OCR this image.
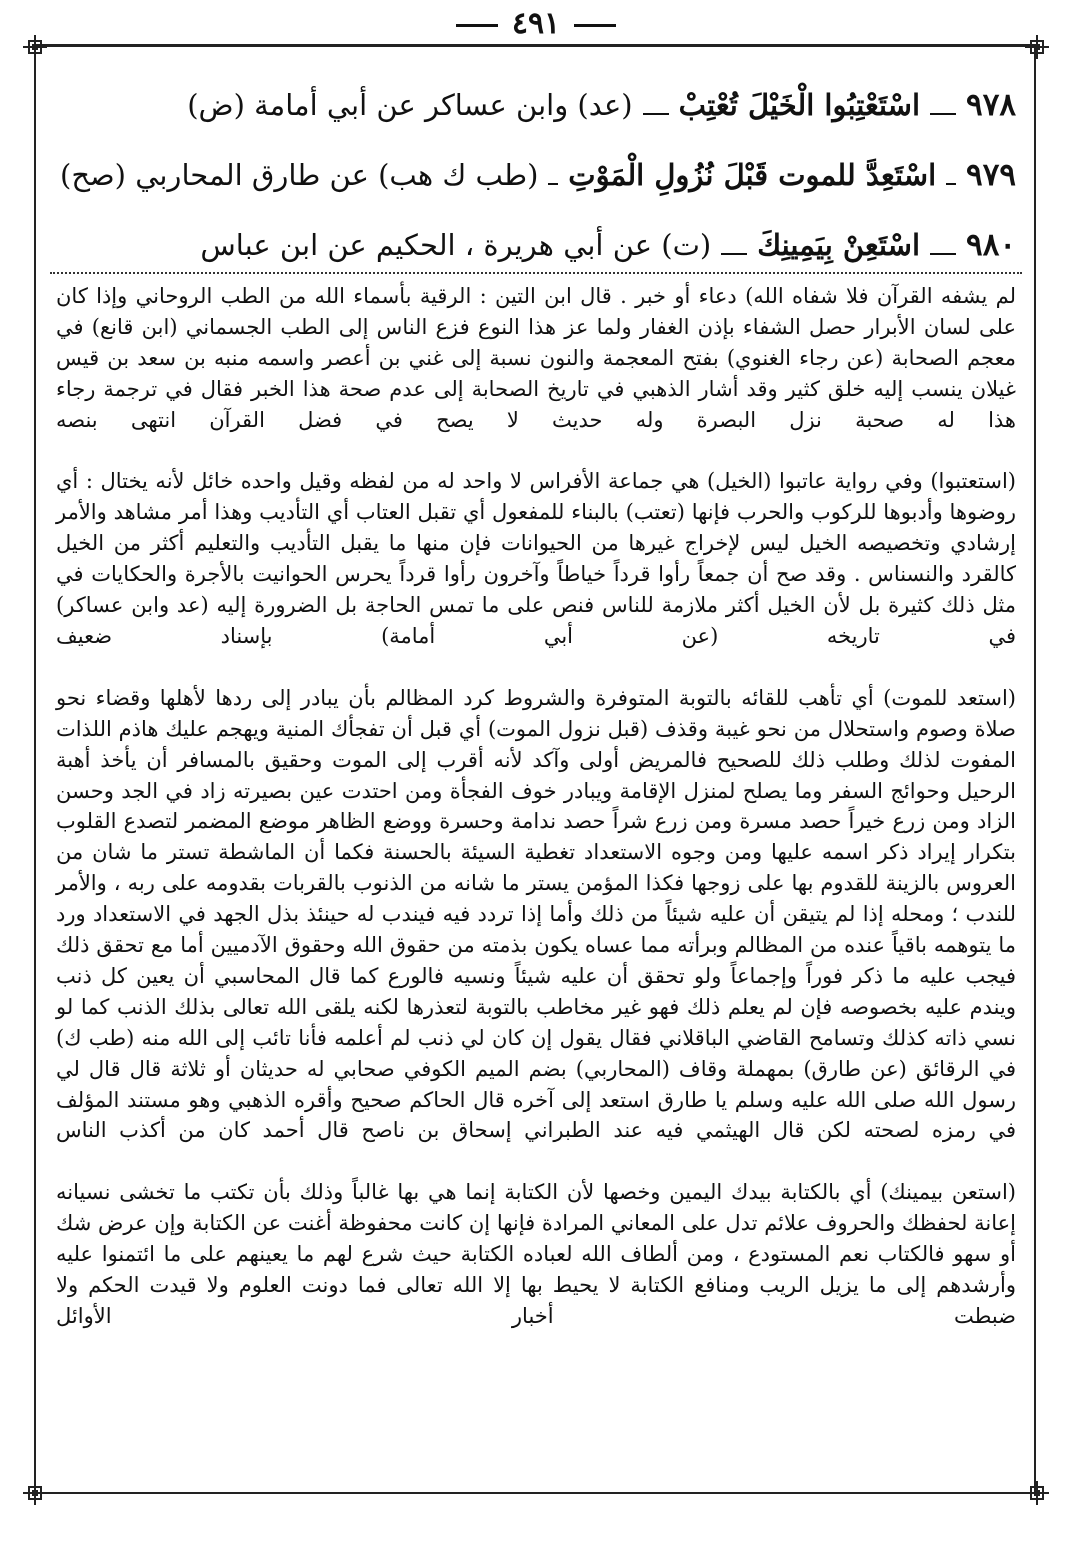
٤٩١
٩٧٨
اسْتَعْتِبُوا الْخَيْلَ تُعْتِبْ
(عد) وابن عساكر عن أبي أمامة (ض)
٩٧٩
اسْتَعِدَّ للموت قَبْلَ نُزُولِ الْمَوْتِ
(طب ك هب) عن طارق المحاربي (صح)
٩٨٠
اسْتَعِنْ بِيَمِينِكَ
(ت) عن أبي هريرة ، الحكيم عن ابن عباس

لم يشفه القرآن فلا شفاه الله) دعاء أو خبر . قال ابن التين : الرقية بأسماء الله من الطب الروحاني وإذا كان على لسان الأبرار حصل الشفاء بإذن الغفار ولما عز هذا النوع فزع الناس إلى الطب الجسماني (ابن قانع) في معجم الصحابة (عن رجاء الغنوي) بفتح المعجمة والنون نسبة إلى غني بن أعصر واسمه منبه بن سعد بن قيس غيلان ينسب إليه خلق كثير وقد أشار الذهبي في تاريخ الصحابة إلى عدم صحة هذا الخبر فقال في ترجمة رجاء هذا له صحبة نزل البصرة وله حديث لا يصح في فضل القرآن انتهى بنصه

(استعتبوا) وفي رواية عاتبوا (الخيل) هي جماعة الأفراس لا واحد له من لفظه وقيل واحده خائل لأنه يختال : أي روضوها وأدبوها للركوب والحرب فإنها (تعتب) بالبناء للمفعول أي تقبل العتاب أي التأديب وهذا أمر مشاهد والأمر إرشادي وتخصيصه الخيل ليس لإخراج غيرها من الحيوانات فإن منها ما يقبل التأديب والتعليم أكثر من الخيل كالقرد والنسناس . وقد صح أن جمعاً رأوا قرداً خياطاً وآخرون رأوا قرداً يحرس الحوانيت بالأجرة والحكايات في مثل ذلك كثيرة بل لأن الخيل أكثر ملازمة للناس فنص على ما تمس الحاجة بل الضرورة إليه (عد وابن عساكر) في تاريخه (عن أبي أمامة) بإسناد ضعيف

(استعد للموت) أي تأهب للقائه بالتوبة المتوفرة والشروط كرد المظالم بأن يبادر إلى ردها لأهلها وقضاء نحو صلاة وصوم واستحلال من نحو غيبة وقذف (قبل نزول الموت) أي قبل أن تفجأك المنية ويهجم عليك هاذم اللذات المفوت لذلك وطلب ذلك للصحيح فالمريض أولى وآكد لأنه أقرب إلى الموت وحقيق بالمسافر أن يأخذ أهبة الرحيل وحوائج السفر وما يصلح لمنزل الإقامة ويبادر خوف الفجأة ومن احتدت عين بصيرته زاد في الجد وحسن الزاد ومن زرع خيراً حصد مسرة ومن زرع شراً حصد ندامة وحسرة ووضع الظاهر موضع المضمر لتصدع القلوب بتكرار إيراد ذكر اسمه عليها ومن وجوه الاستعداد تغطية السيئة بالحسنة فكما أن الماشطة تستر ما شان من العروس بالزينة للقدوم بها على زوجها فكذا المؤمن يستر ما شانه من الذنوب بالقربات بقدومه على ربه ، والأمر للندب ؛ ومحله إذا لم يتيقن أن عليه شيئاً من ذلك وأما إذا تردد فيه فيندب له حينئذ بذل الجهد في الاستعداد ورد ما يتوهمه باقياً عنده من المظالم وبرأته مما عساه يكون بذمته من حقوق الله وحقوق الآدميين أما مع تحقق ذلك فيجب عليه ما ذكر فوراً وإجماعاً ولو تحقق أن عليه شيئاً ونسيه فالورع كما قال المحاسبي أن يعين كل ذنب ويندم عليه بخصوصه فإن لم يعلم ذلك فهو غير مخاطب بالتوبة لتعذرها لكنه يلقى الله تعالى بذلك الذنب كما لو نسي ذاته كذلك وتسامح القاضي الباقلاني فقال يقول إن كان لي ذنب لم أعلمه فأنا تائب إلى الله منه (طب ك) في الرقائق (عن طارق) بمهملة وقاف (المحاربي) بضم الميم الكوفي صحابي له حديثان أو ثلاثة قال قال لي رسول الله صلى الله عليه وسلم يا طارق استعد إلى آخره قال الحاكم صحيح وأقره الذهبي وهو مستند المؤلف في رمزه لصحته لكن قال الهيثمي فيه عند الطبراني إسحاق بن ناصح قال أحمد كان من أكذب الناس

(استعن بيمينك) أي بالكتابة بيدك اليمين وخصها لأن الكتابة إنما هي بها غالباً وذلك بأن تكتب ما تخشى نسيانه إعانة لحفظك والحروف علائم تدل على المعاني المرادة فإنها إن كانت محفوظة أغنت عن الكتابة وإن عرض شك أو سهو فالكتاب نعم المستودع ، ومن ألطاف الله لعباده الكتابة حيث شرع لهم ما يعينهم على ما ائتمنوا عليه وأرشدهم إلى ما يزيل الريب ومنافع الكتابة لا يحيط بها إلا الله تعالى فما دونت العلوم ولا قيدت الحكم ولا ضبطت أخبار الأوائل
